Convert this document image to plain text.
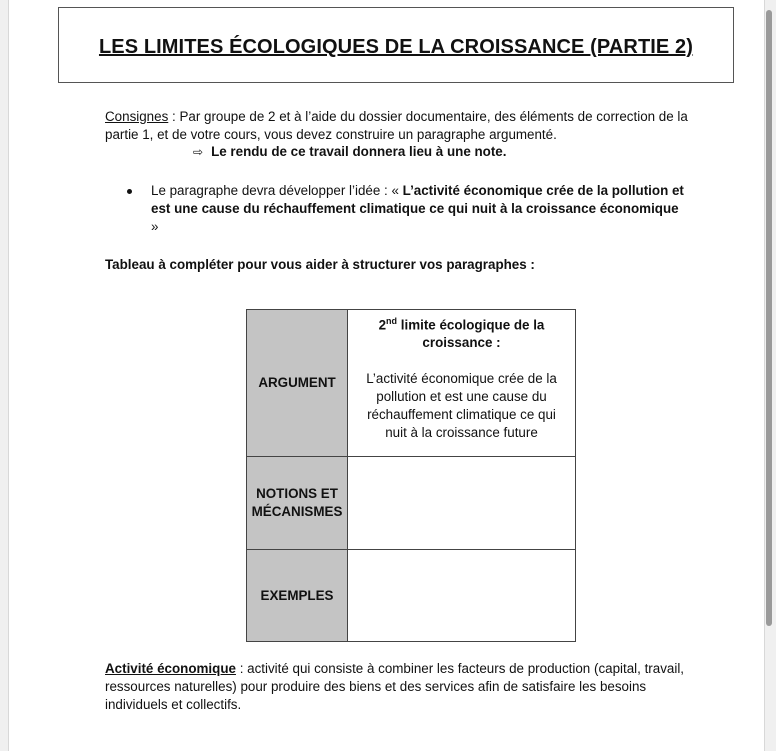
LES LIMITES ÉCOLOGIQUES DE LA CROISSANCE (PARTIE 2)
Consignes : Par groupe de 2 et à l’aide du dossier documentaire, des éléments de correction de la partie 1, et de votre cours, vous devez construire un paragraphe argumenté.
⇨ Le rendu de ce travail donnera lieu à une note.
Le paragraphe devra développer l’idée : « L’activité économique crée de la pollution et est une cause du réchauffement climatique ce qui nuit à la croissance économique »
Tableau à compléter pour vous aider à structurer vos paragraphes :
ARGUMENT	2nd limite écologique de la croissance :
L’activité économique crée de la pollution et est une cause du réchauffement climatique ce qui nuit à la croissance future

NOTIONS ET MÉCANISMES	
EXEMPLES	
Activité économique : activité qui consiste à combiner les facteurs de production (capital, travail, ressources naturelles) pour produire des biens et des services afin de satisfaire les besoins individuels et collectifs.
